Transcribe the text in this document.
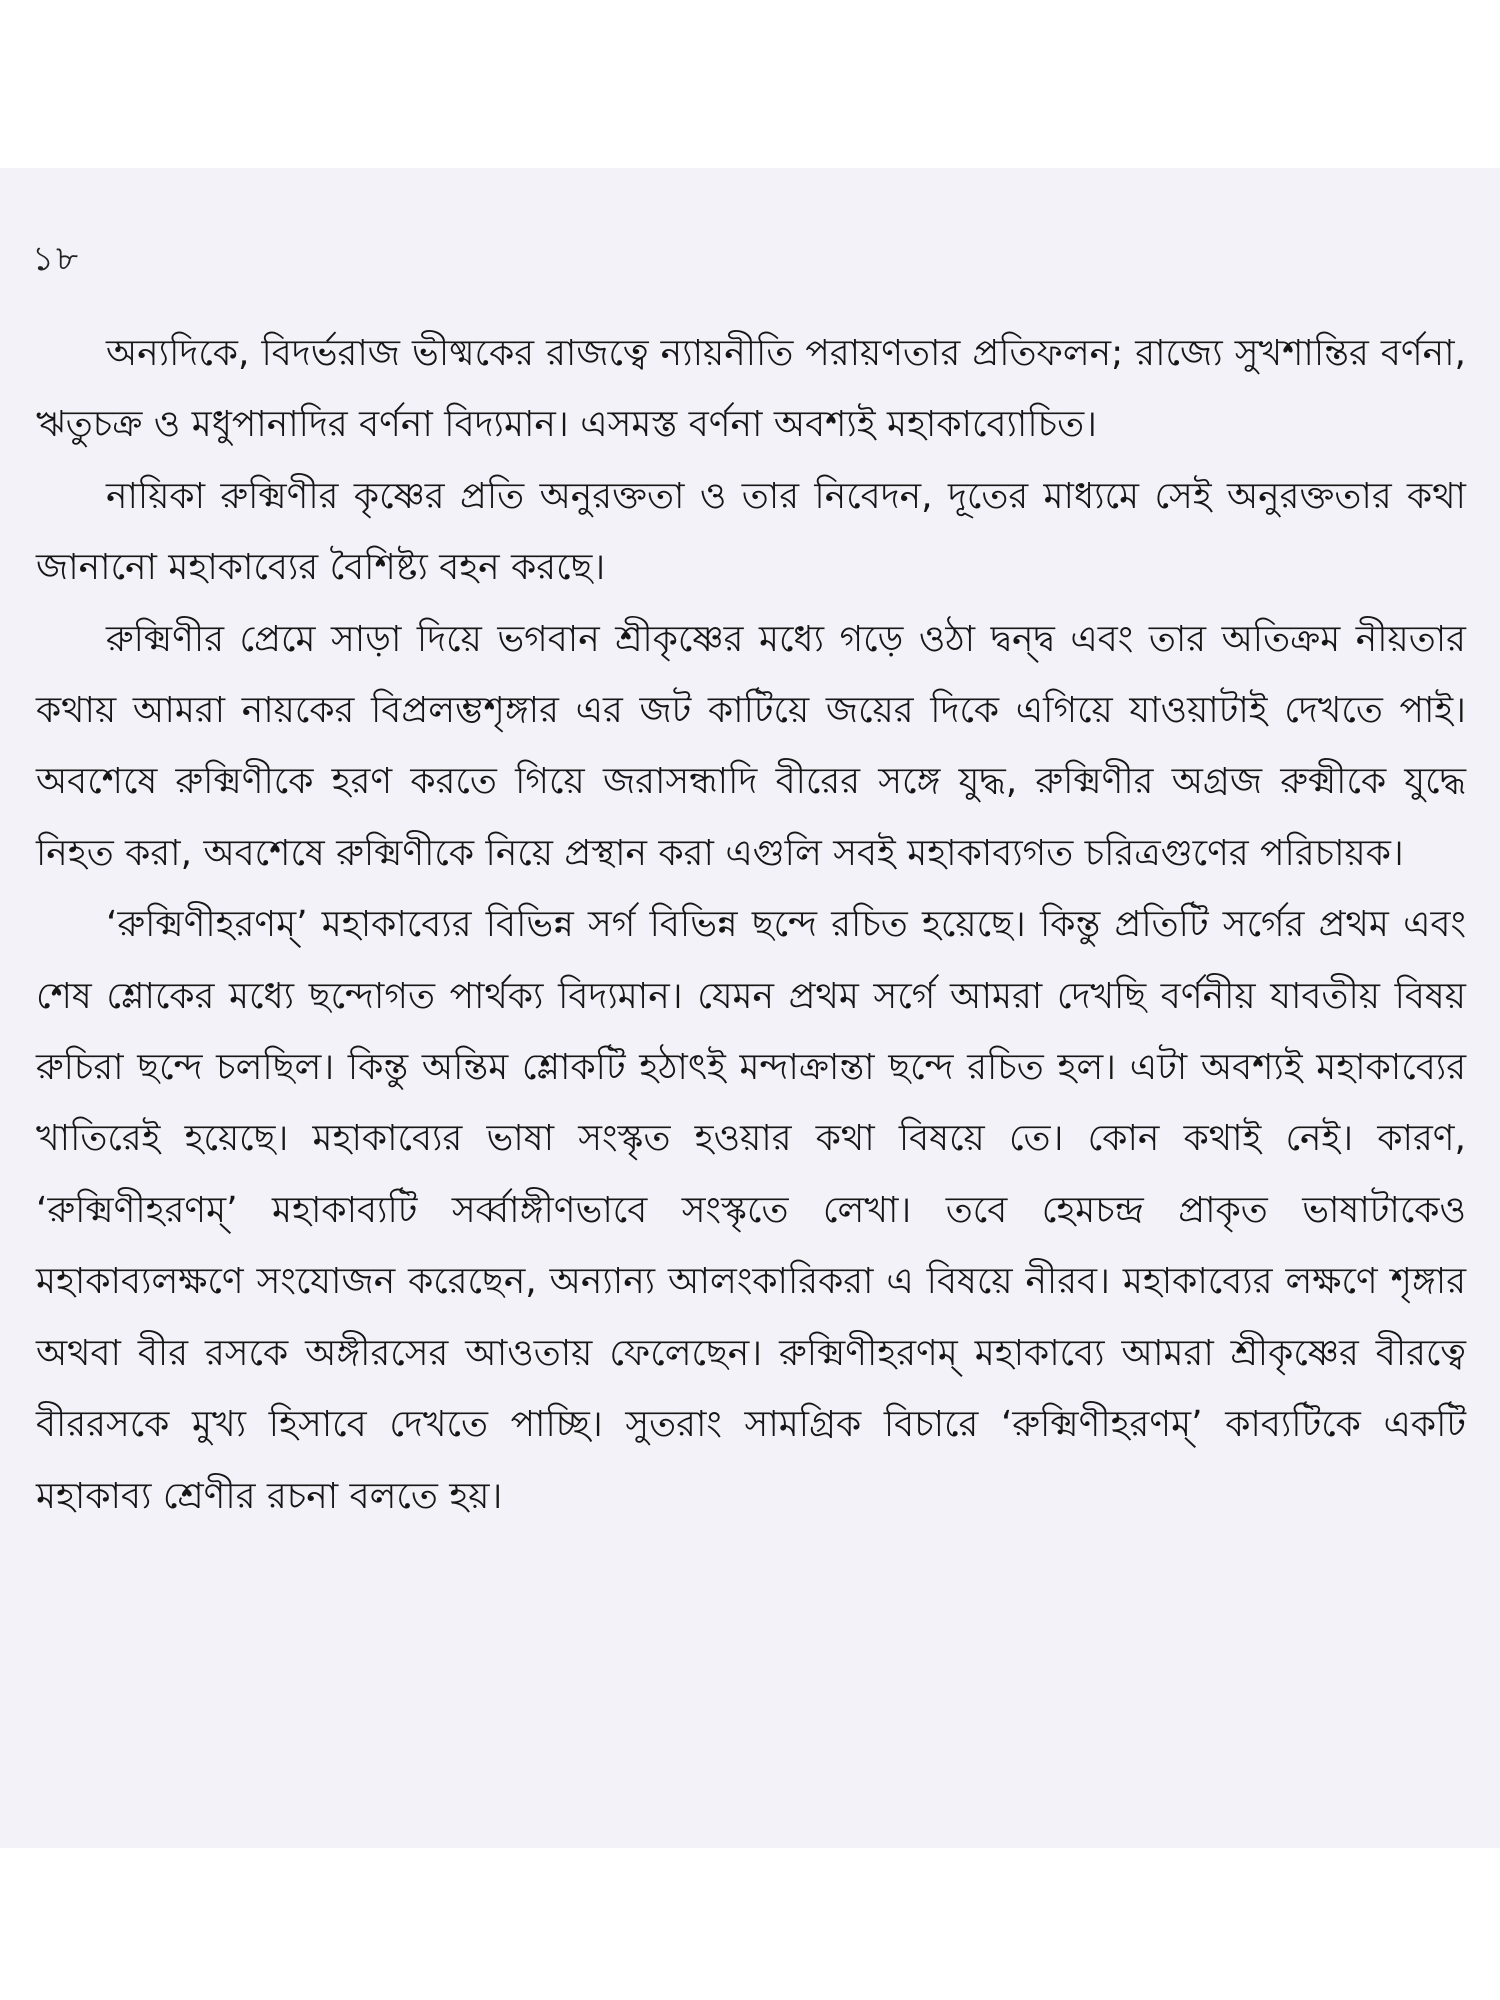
১৮

অন্যদিকে, বিদর্ভরাজ ভীষ্মকের রাজত্বে ন্যায়নীতি পরায়ণতার প্রতিফলন; রাজ্যে সুখশান্তির বর্ণনা, ঋতুচক্র ও মধুপানাদির বর্ণনা বিদ্যমান। এসমস্ত বর্ণনা অবশ্যই মহাকাব্যোচিত।

নায়িকা রুক্মিণীর কৃষ্ণের প্রতি অনুরক্ততা ও তার নিবেদন, দূতের মাধ্যমে সেই অনুরক্ততার কথা জানানো মহাকাব্যের বৈশিষ্ট্য বহন করছে।

রুক্মিণীর প্রেমে সাড়া দিয়ে ভগবান শ্রীকৃষ্ণের মধ্যে গড়ে ওঠা দ্বন্দ্ব এবং তার অতিক্রম নীয়তার কথায় আমরা নায়কের বিপ্রলম্ভশৃঙ্গার এর জট কাটিয়ে জয়ের দিকে এগিয়ে যাওয়াটাই দেখতে পাই। অবশেষে রুক্মিণীকে হরণ করতে গিয়ে জরাসন্ধাদি বীরের সঙ্গে যুদ্ধ, রুক্মিণীর অগ্রজ রুক্মীকে যুদ্ধে নিহত করা, অবশেষে রুক্মিণীকে নিয়ে প্রস্থান করা এগুলি সবই মহাকাব্যগত চরিত্রগুণের পরিচায়ক।

‘রুক্মিণীহরণম্’ মহাকাব্যের বিভিন্ন সর্গ বিভিন্ন ছন্দে রচিত হয়েছে। কিন্তু প্রতিটি সর্গের প্রথম এবং শেষ শ্লোকের মধ্যে ছন্দোগত পার্থক্য বিদ্যমান। যেমন প্রথম সর্গে আমরা দেখছি বর্ণনীয় যাবতীয় বিষয় রুচিরা ছন্দে চলছিল। কিন্তু অন্তিম শ্লোকটি হঠাৎই মন্দাক্রান্তা ছন্দে রচিত হল। এটা অবশ্যই মহাকাব্যের খাতিরেই হয়েছে। মহাকাব্যের ভাষা সংস্কৃত হওয়ার কথা বিষয়ে তে। কোন কথাই নেই। কারণ, ‘রুক্মিণীহরণম্’ মহাকাব্যটি সর্ব্বাঙ্গীণভাবে সংস্কৃতে লেখা। তবে হেমচন্দ্র প্রাকৃত ভাষাটাকেও মহাকাব্যলক্ষণে সংযোজন করেছেন, অন্যান্য আলংকারিকরা এ বিষয়ে নীরব। মহাকাব্যের লক্ষণে শৃঙ্গার অথবা বীর রসকে অঙ্গীরসের আওতায় ফেলেছেন। রুক্মিণীহরণম্ মহাকাব্যে আমরা শ্রীকৃষ্ণের বীরত্বে বীররসকে মুখ্য হিসাবে দেখতে পাচ্ছি। সুতরাং সামগ্রিক বিচারে ‘রুক্মিণীহরণম্’ কাব্যটিকে একটি মহাকাব্য শ্রেণীর রচনা বলতে হয়।
